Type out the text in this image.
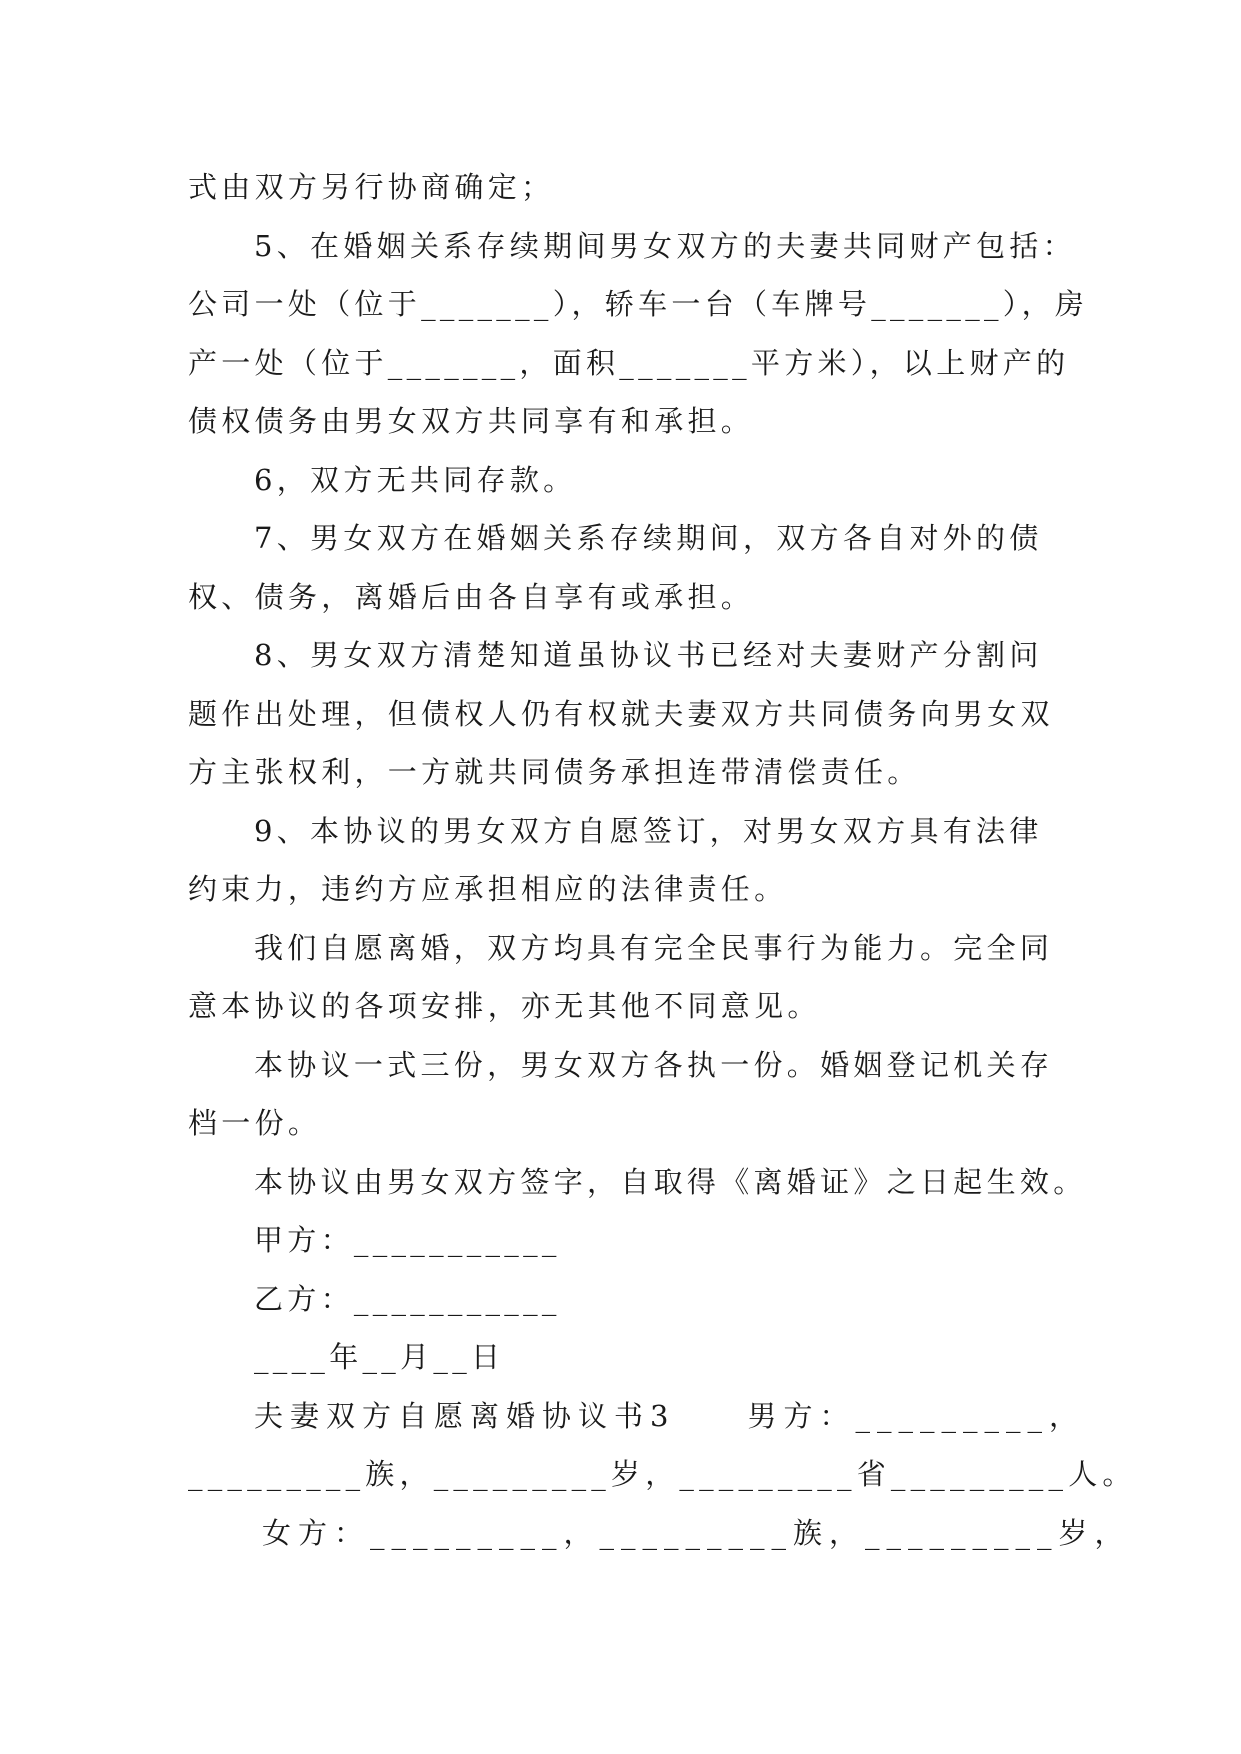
式由双方另行协商确定；
5、在婚姻关系存续期间男女双方的夫妻共同财产包括：
公司一处（位于_______），轿车一台（车牌号_______），房
产一处（位于_______，面积_______平方米），以上财产的
债权债务由男女双方共同享有和承担。
6，双方无共同存款。
7、男女双方在婚姻关系存续期间，双方各自对外的债
权、债务，离婚后由各自享有或承担。
8、男女双方清楚知道虽协议书已经对夫妻财产分割问
题作出处理，但债权人仍有权就夫妻双方共同债务向男女双
方主张权利，一方就共同债务承担连带清偿责任。
9、本协议的男女双方自愿签订，对男女双方具有法律
约束力，违约方应承担相应的法律责任。
我们自愿离婚，双方均具有完全民事行为能力。完全同
意本协议的各项安排，亦无其他不同意见。
本协议一式三份，男女双方各执一份。婚姻登记机关存
档一份。
本协议由男女双方签字，自取得《离婚证》之日起生效。
甲方：___________
乙方：___________
____年__月__日
夫妻双方自愿离婚协议书3　　男方：_________，
_________族，_________岁，_________省_________人。
女方：_________，_________族，_________岁，
